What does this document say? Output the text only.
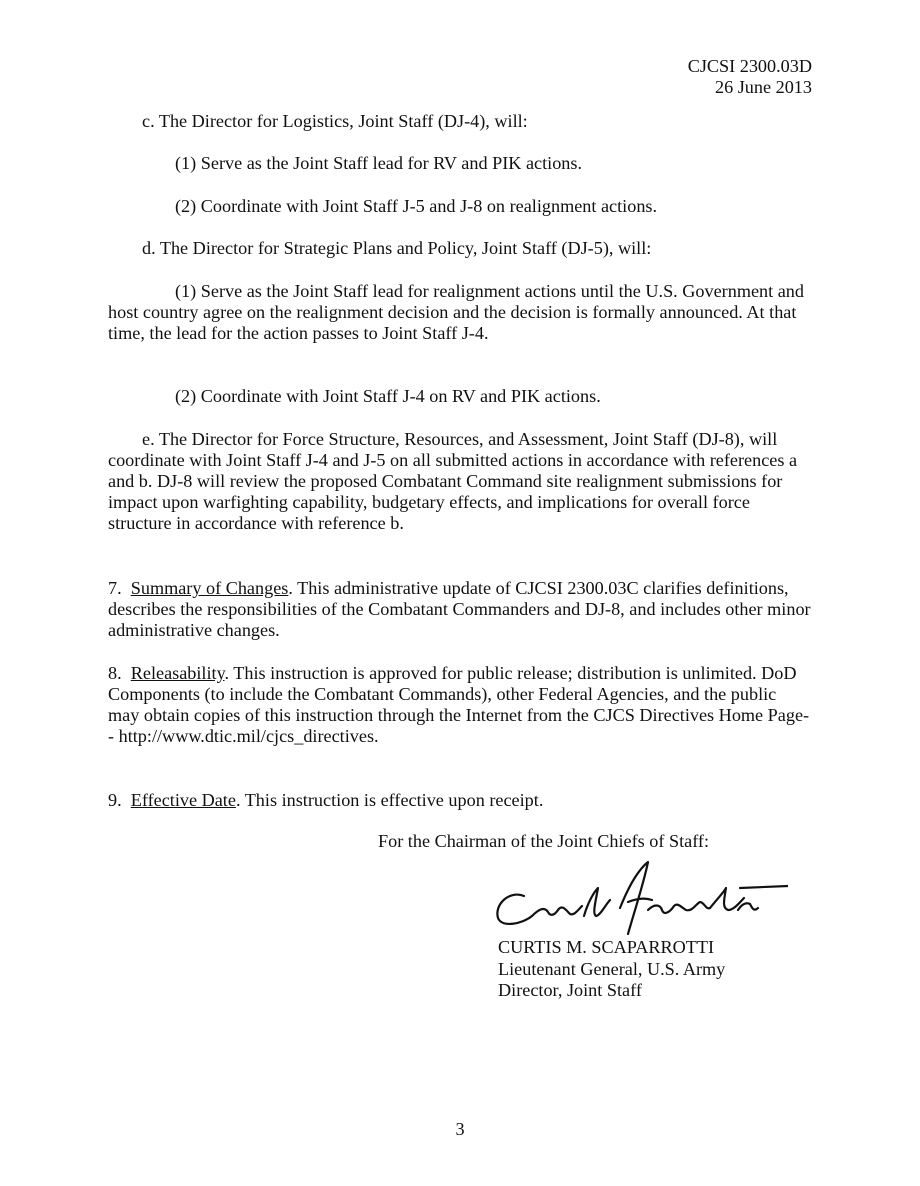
CJCSI 2300.03D
26 June 2013

c. The Director for Logistics, Joint Staff (DJ-4), will:

(1) Serve as the Joint Staff lead for RV and PIK actions.

(2) Coordinate with Joint Staff J-5 and J-8 on realignment actions.

d. The Director for Strategic Plans and Policy, Joint Staff (DJ-5), will:

(1) Serve as the Joint Staff lead for realignment actions until the U.S. Government and host country agree on the realignment decision and the decision is formally announced. At that time, the lead for the action passes to Joint Staff J-4.

(2) Coordinate with Joint Staff J-4 on RV and PIK actions.

e. The Director for Force Structure, Resources, and Assessment, Joint Staff (DJ-8), will coordinate with Joint Staff J-4 and J-5 on all submitted actions in accordance with references a and b. DJ-8 will review the proposed Combatant Command site realignment submissions for impact upon warfighting capability, budgetary effects, and implications for overall force structure in accordance with reference b.

7. Summary of Changes. This administrative update of CJCSI 2300.03C clarifies definitions, describes the responsibilities of the Combatant Commanders and DJ-8, and includes other minor administrative changes.

8. Releasability. This instruction is approved for public release; distribution is unlimited. DoD Components (to include the Combatant Commands), other Federal Agencies, and the public may obtain copies of this instruction through the Internet from the CJCS Directives Home Page-- http://www.dtic.mil/cjcs_directives.

9. Effective Date. This instruction is effective upon receipt.

For the Chairman of the Joint Chiefs of Staff:
CURTIS M. SCAPARROTTI
Lieutenant General, U.S. Army
Director, Joint Staff
3
